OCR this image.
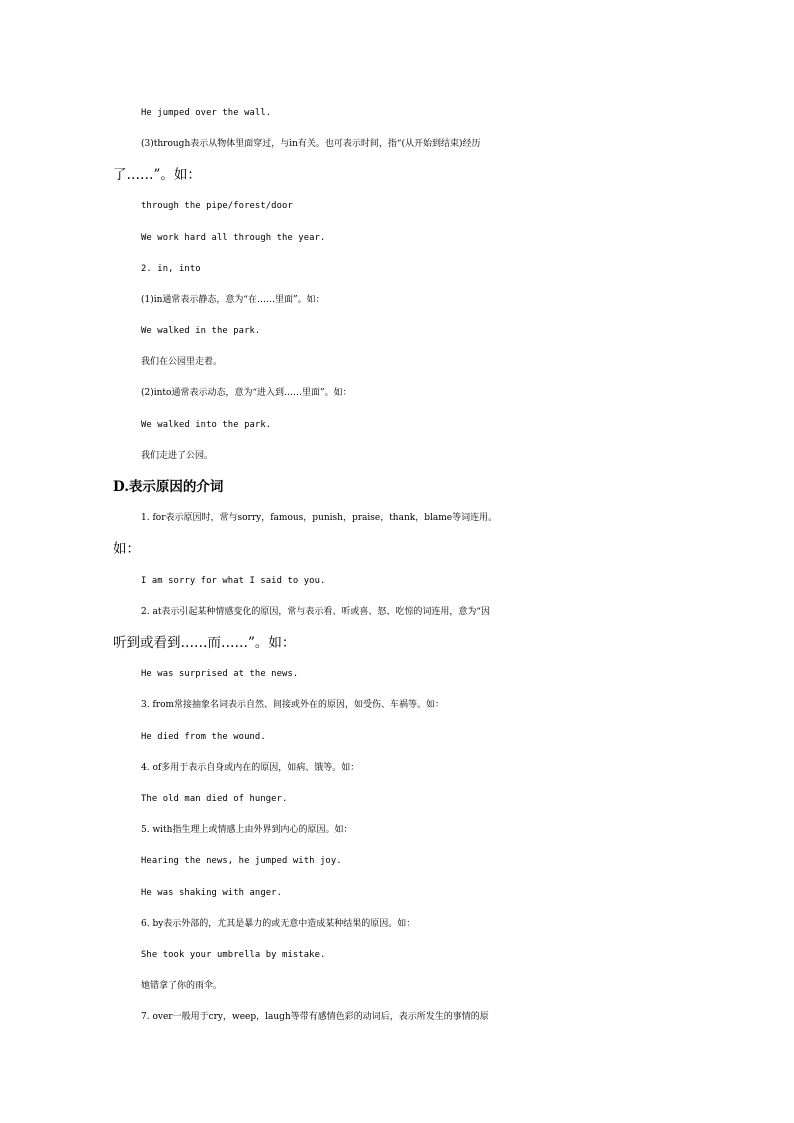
He jumped over the wall.
(3)through表示从物体里面穿过，与in有关。也可表示时间，指“(从开始到结束)经历
了……”。如：
through the pipe/forest/door
We work hard all through the year.
2. in, into
(1)in通常表示静态，意为“在……里面”。如：
We walked in the park.
我们在公园里走着。
(2)into通常表示动态，意为“进入到……里面”。如：
We walked into the park.
我们走进了公园。
D.表示原因的介词
1. for表示原因时，常与sorry，famous，punish，praise，thank，blame等词连用。
如：
I am sorry for what I said to you.
2. at表示引起某种情感变化的原因，常与表示看、听或喜、怒、吃惊的词连用，意为“因
听到或看到……而……”。如：
He was surprised at the news.
3. from常接抽象名词表示自然、间接或外在的原因，如受伤、车祸等。如：
He died from the wound.
4. of多用于表示自身或内在的原因，如病、饿等。如：
The old man died of hunger.
5. with指生理上或情感上由外界到内心的原因。如：
Hearing the news, he jumped with joy.
He was shaking with anger.
6. by表示外部的，尤其是暴力的或无意中造成某种结果的原因。如：
She took your umbrella by mistake.
她错拿了你的雨伞。
7. over一般用于cry，weep，laugh等带有感情色彩的动词后，表示所发生的事情的原
